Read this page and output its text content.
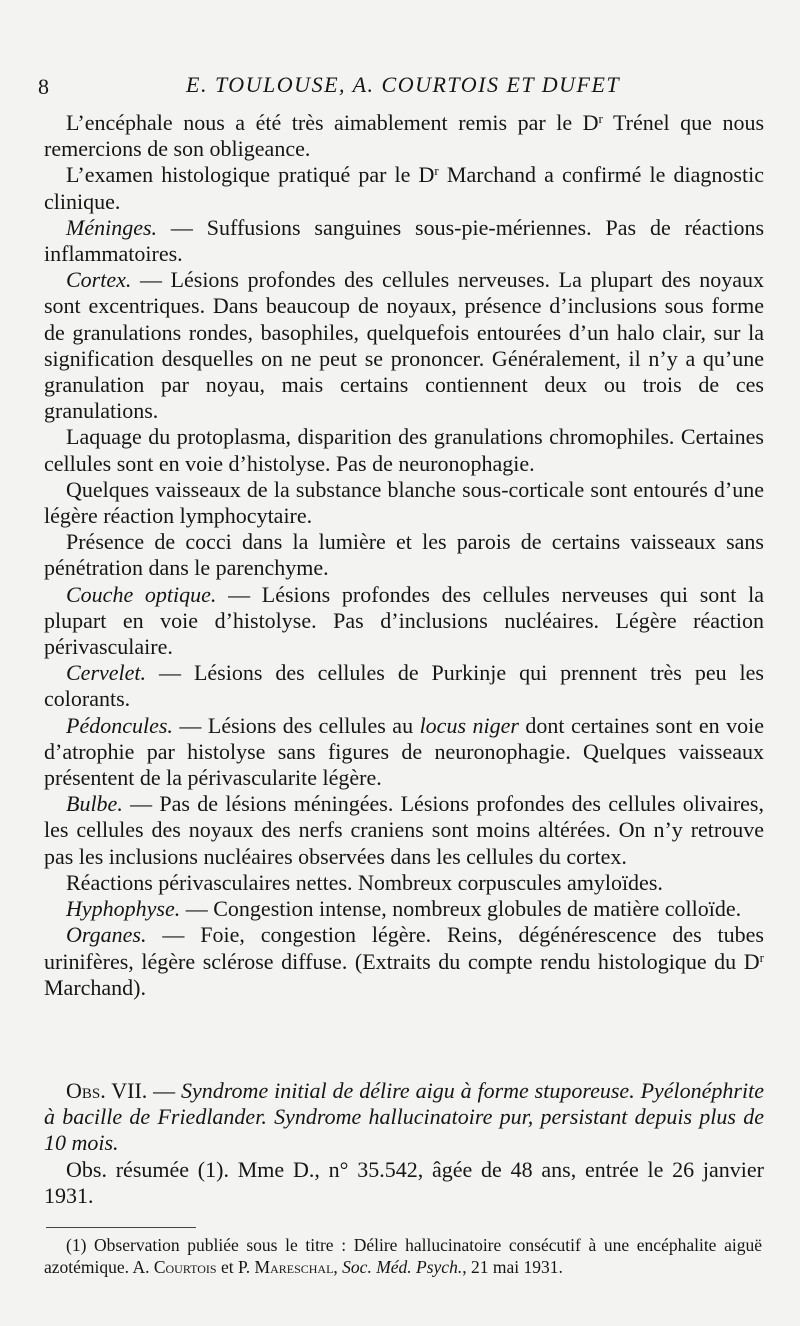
8	E. TOULOUSE, A. COURTOIS ET DUFET

L’encéphale nous a été très aimablement remis par le $D^r$ Trénel que nous remercions de son obligeance.

L’examen histologique pratiqué par le $D^r$ Marchand a confirmé le diagnostic clinique.

Méninges. — Suffusions sanguines sous-pie-mériennes. Pas de réactions inflammatoires.

Cortex. — Lésions profondes des cellules nerveuses. La plupart des noyaux sont excentriques. Dans beaucoup de noyaux, présence d’inclusions sous forme de granulations rondes, basophiles, quelquefois entourées d’un halo clair, sur la signification desquelles on ne peut se prononcer. Généralement, il n’y a qu’une granulation par noyau, mais certains contiennent deux ou trois de ces granulations.

Laquage du protoplasma, disparition des granulations chromophiles. Certaines cellules sont en voie d’histolyse. Pas de neuronophagie.

Quelques vaisseaux de la substance blanche sous-corticale sont entourés d’une légère réaction lymphocytaire.

Présence de cocci dans la lumière et les parois de certains vaisseaux sans pénétration dans le parenchyme.

Couche optique. — Lésions profondes des cellules nerveuses qui sont la plupart en voie d’histolyse. Pas d’inclusions nucléaires. Légère réaction périvasculaire.

Cervelet. — Lésions des cellules de Purkinje qui prennent très peu les colorants.

Pédoncules. — Lésions des cellules au locus niger dont certaines sont en voie d’atrophie par histolyse sans figures de neuronophagie. Quelques vaisseaux présentent de la périvascularite légère.

Bulbe. — Pas de lésions méningées. Lésions profondes des cellules olivaires, les cellules des noyaux des nerfs craniens sont moins altérées. On n’y retrouve pas les inclusions nucléaires observées dans les cellules du cortex.

Réactions périvasculaires nettes. Nombreux corpuscules amyloïdes.

Hyphophyse. — Congestion intense, nombreux globules de matière colloïde.

Organes. — Foie, congestion légère. Reins, dégénérescence des tubes urinifères, légère sclérose diffuse. (Extraits du compte rendu histologique du $D^r$ Marchand).

Obs. VII. — Syndrome initial de délire aigu à forme stuporeuse. Pyélonéphrite à bacille de Friedlander. Syndrome hallucinatoire pur, persistant depuis plus de 10 mois.

Obs. résumée (1). Mme D., n° 35.542, âgée de 48 ans, entrée le 26 janvier 1931.

(1) Observation publiée sous le titre : Délire hallucinatoire consécutif à une encéphalite aiguë azotémique. A. Courtois et P. Mareschal, Soc. Méd. Psych., 21 mai 1931.
